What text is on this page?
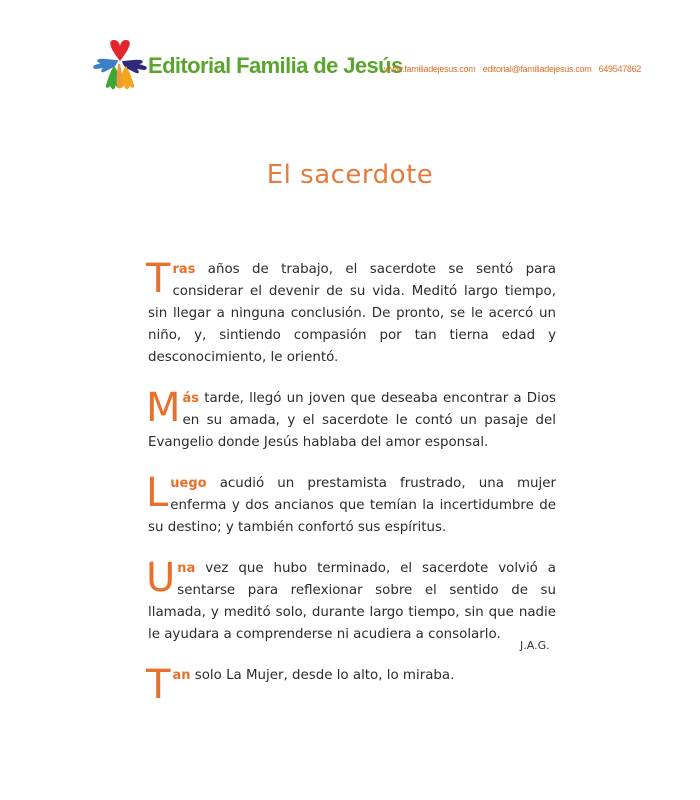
Editorial Familia de Jesús
www.familiadejesus.com editorial@familiadejesus.com 649547862
El sacerdote

Tras años de trabajo, el sacerdote se sentó para considerar el devenir de su vida. Meditó largo tiempo, sin llegar a ninguna conclusión. De pronto, se le acercó un niño, y, sintiendo compasión por tan tierna edad y desconocimiento, le orientó.

Más tarde, llegó un joven que deseaba encontrar a Dios en su amada, y el sacerdote le contó un pasaje del Evangelio donde Jesús hablaba del amor esponsal.

Luego acudió un prestamista frustrado, una mujer enferma y dos ancianos que temían la incertidumbre de su destino; y también confortó sus espíritus.

Una vez que hubo terminado, el sacerdote volvió a sentarse para reflexionar sobre el sentido de su llamada, y meditó solo, durante largo tiempo, sin que nadie le ayudara a comprenderse ni acudiera a consolarlo.

Tan solo La Mujer, desde lo alto, lo miraba.

J.A.G.
